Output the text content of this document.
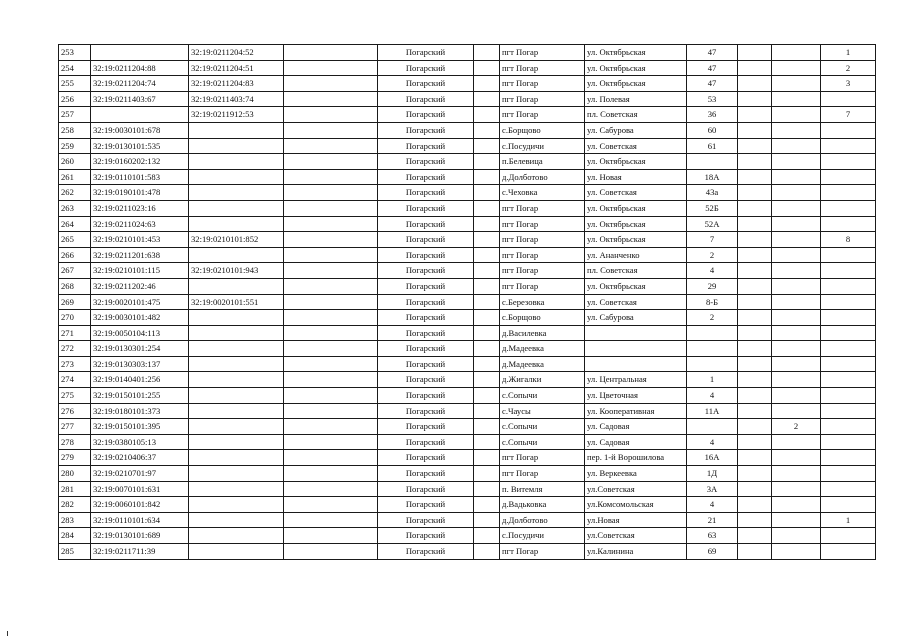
253		32:19:0211204:52		Погарский		пгт Погар	ул. Октябрьская	47			1
254	32:19:0211204:88	32:19:0211204:51		Погарский		пгт Погар	ул. Октябрьская	47			2
255	32:19:0211204:74	32:19:0211204:83		Погарский		пгт Погар	ул. Октябрьская	47			3
256	32:19:0211403:67	32:19:0211403:74		Погарский		пгт Погар	ул. Полевая	53			
257		32:19:0211912:53		Погарский		пгт Погар	пл. Советская	36			7
258	32:19:0030101:678			Погарский		с.Борщово	ул. Сабурова	60			
259	32:19:0130101:535			Погарский		с.Посудичи	ул. Советская	61			
260	32:19:0160202:132			Погарский		п.Белевица	ул. Октябрьская				
261	32:19:0110101:583			Погарский		д.Долботово	ул. Новая	18А			
262	32:19:0190101:478			Погарский		с.Чеховка	ул. Советская	43а			
263	32:19:0211023:16			Погарский		пгт Погар	ул. Октябрьская	52Б			
264	32:19:0211024:63			Погарский		пгт Погар	ул. Октябрьская	52А			
265	32:19:0210101:453	32:19:0210101:852		Погарский		пгт Погар	ул. Октябрьская	7			8
266	32:19:0211201:638			Погарский		пгт Погар	ул. Ананченко	2			
267	32:19:0210101:115	32:19:0210101:943		Погарский		пгт Погар	пл. Советская	4			
268	32:19:0211202:46			Погарский		пгт Погар	ул. Октябрьская	29			
269	32:19:0020101:475	32:19:0020101:551		Погарский		с.Березовка	ул. Советская	8-Б			
270	32:19:0030101:482			Погарский		с.Борщово	ул. Сабурова	2			
271	32:19:0050104:113			Погарский		д.Василевка					
272	32:19:0130301:254			Погарский		д.Мадеевка					
273	32:19:0130303:137			Погарский		д.Мадеевка					
274	32:19:0140401:256			Погарский		д.Жигалки	ул. Центральная	1			
275	32:19:0150101:255			Погарский		с.Сопычи	ул. Цветочная	4			
276	32:19:0180101:373			Погарский		с.Чаусы	ул. Кооперативная	11А			
277	32:19:0150101:395			Погарский		с.Сопычи	ул. Садовая			2	
278	32:19:0380105:13			Погарский		с.Сопычи	ул. Садовая	4			
279	32:19:0210406:37			Погарский		пгт Погар	пер. 1-й Ворошилова	16А			
280	32:19:0210701:97			Погарский		пгт Погар	ул. Веркеевка	1Д			
281	32:19:0070101:631			Погарский		п. Витемля	ул.Советская	3А			
282	32:19:0060101:842			Погарский		д.Вадьковка	ул.Комсомольская	4			
283	32:19:0110101:634			Погарский		д.Долботово	ул.Новая	21			1
284	32:19:0130101:689			Погарский		с.Посудичи	ул.Советская	63			
285	32:19:0211711:39			Погарский		пгт Погар	ул.Калинина	69			
